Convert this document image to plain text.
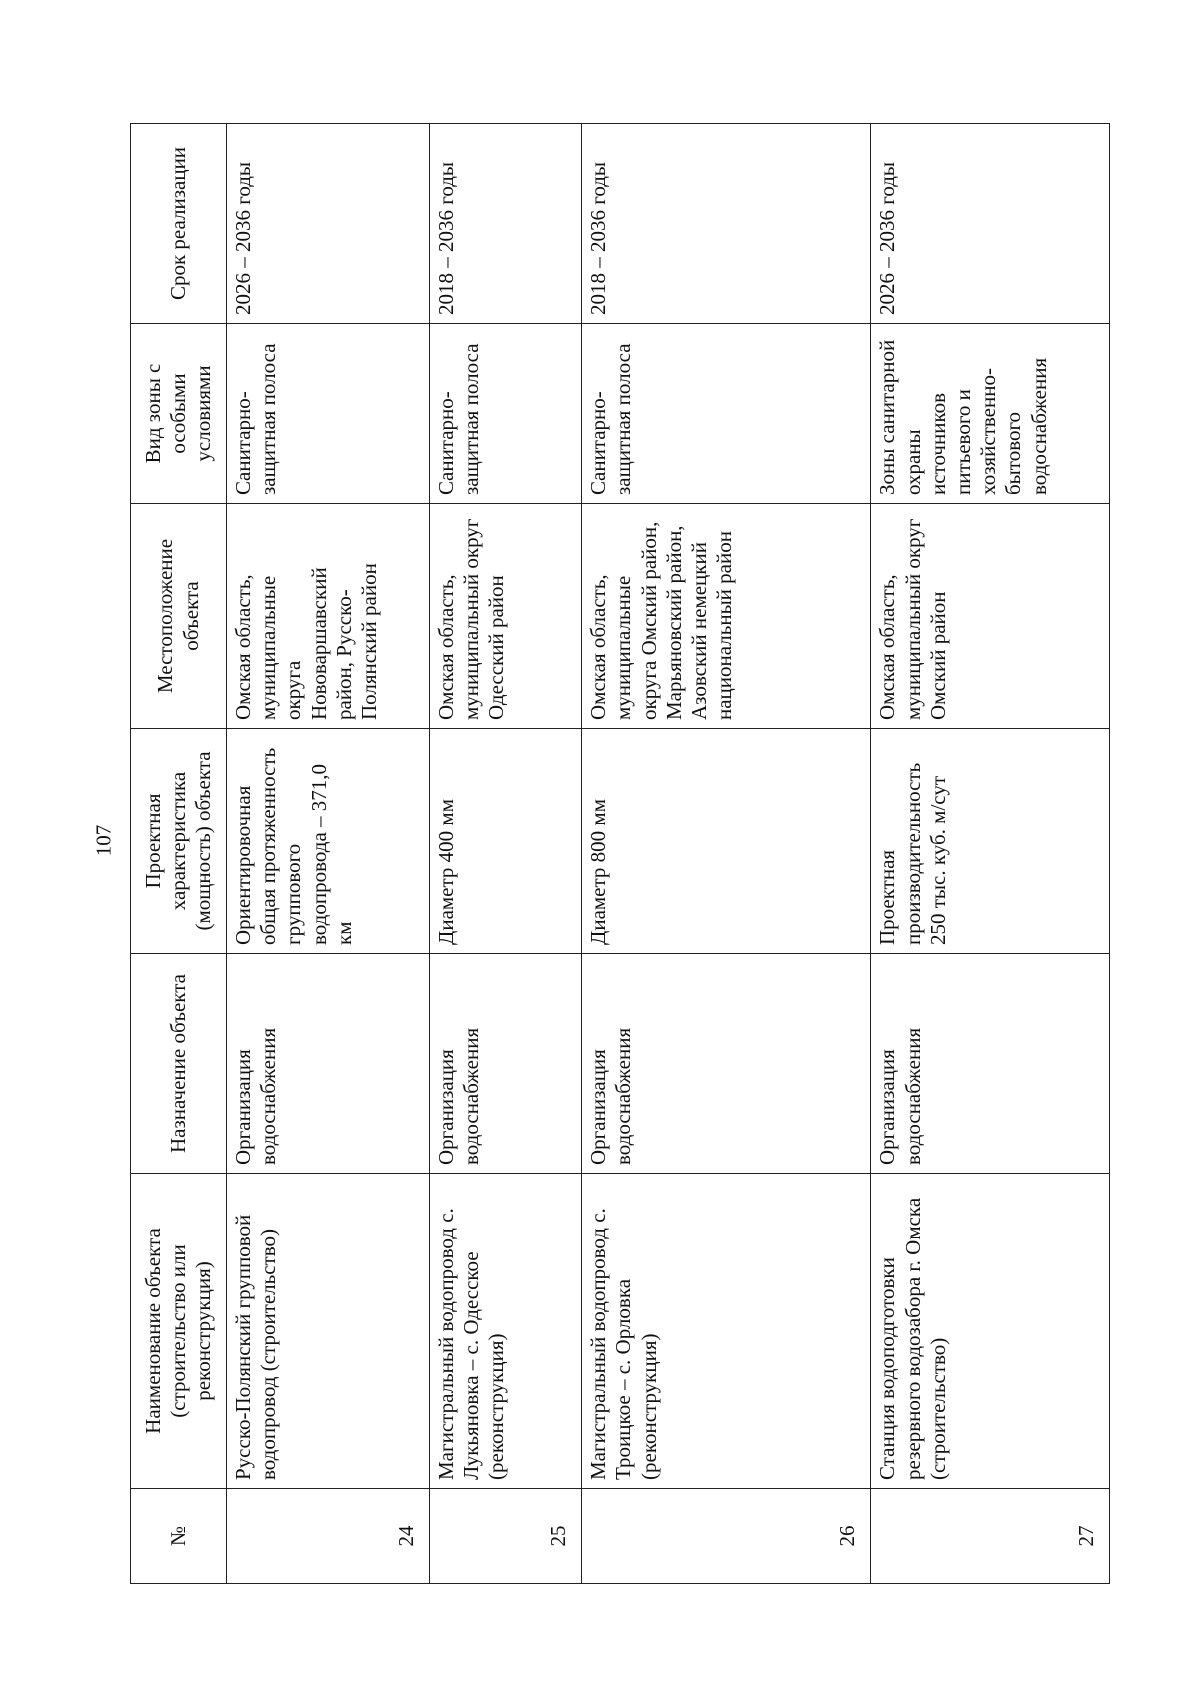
107
№	Наименование объекта (строительство или реконструкция)	Назначение объекта	Проектная характеристика (мощность) объекта	Местоположение объекта	Вид зоны с особыми условиями	Срок реализации
24	Русско-Полянский групповой водопровод (строительство)	Организация водоснабжения	Ориентировочная общая протяженность группового водопровода – 371,0 км	Омская область, муниципальные округа Нововаршавский район, Русско-Полянский район	Санитарно-защитная полоса	2026 – 2036 годы
25	Магистральный водопровод с. Лукьяновка – с. Одесское (реконструкция)	Организация водоснабжения	Диаметр 400 мм	Омская область, муниципальный округ Одесский район	Санитарно-защитная полоса	2018 – 2036 годы
26	Магистральный водопровод с. Троицкое – с. Орловка (реконструкция)	Организация водоснабжения	Диаметр 800 мм	Омская область, муниципальные округа Омский район, Марьяновский район, Азовский немецкий национальный район	Санитарно-защитная полоса	2018 – 2036 годы
27	Станция водоподготовки резервного водозабора г. Омска (строительство)	Организация водоснабжения	Проектная производительность 250 тыс. куб. м/сут	Омская область, муниципальный округ Омский район	Зоны санитарной охраны источников питьевого и хозяйственно-бытового водоснабжения	2026 – 2036 годы
